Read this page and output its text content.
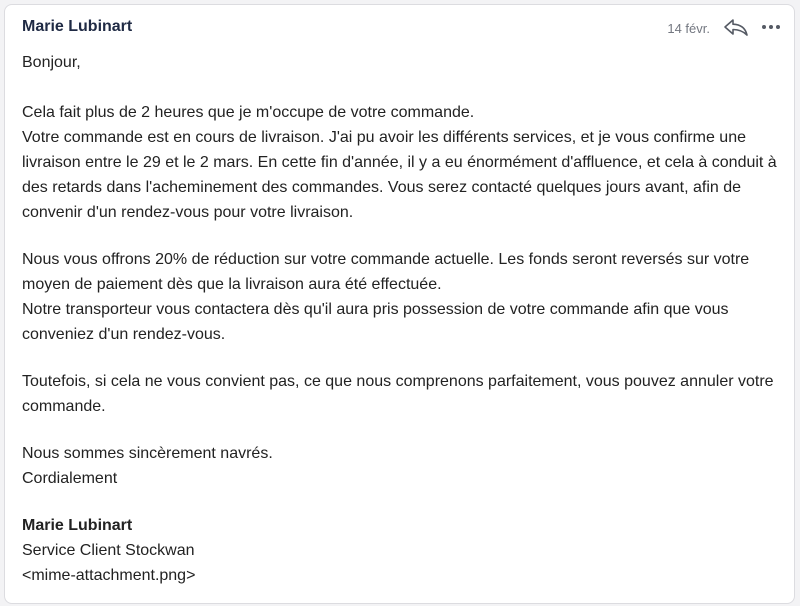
Marie Lubinart	14 févr.

Bonjour,

Cela fait plus de 2 heures que je m'occupe de votre commande.

Votre commande est en cours de livraison. J'ai pu avoir les différents services, et je vous confirme une livraison entre le 29 et le 2 mars. En cette fin d'année, il y a eu énormément d'affluence, et cela à conduit à des retards dans l'acheminement des commandes. Vous serez contacté quelques jours avant, afin de convenir d'un rendez-vous pour votre livraison.

Nous vous offrons 20% de réduction sur votre commande actuelle. Les fonds seront reversés sur votre moyen de paiement dès que la livraison aura été effectuée.

Notre transporteur vous contactera dès qu'il aura pris possession de votre commande afin que vous conveniez d'un rendez-vous.

Toutefois, si cela ne vous convient pas, ce que nous comprenons parfaitement, vous pouvez annuler votre commande.

Nous sommes sincèrement navrés.

Cordialement

Marie Lubinart

Service Client Stockwan

<mime-attachment.png>
